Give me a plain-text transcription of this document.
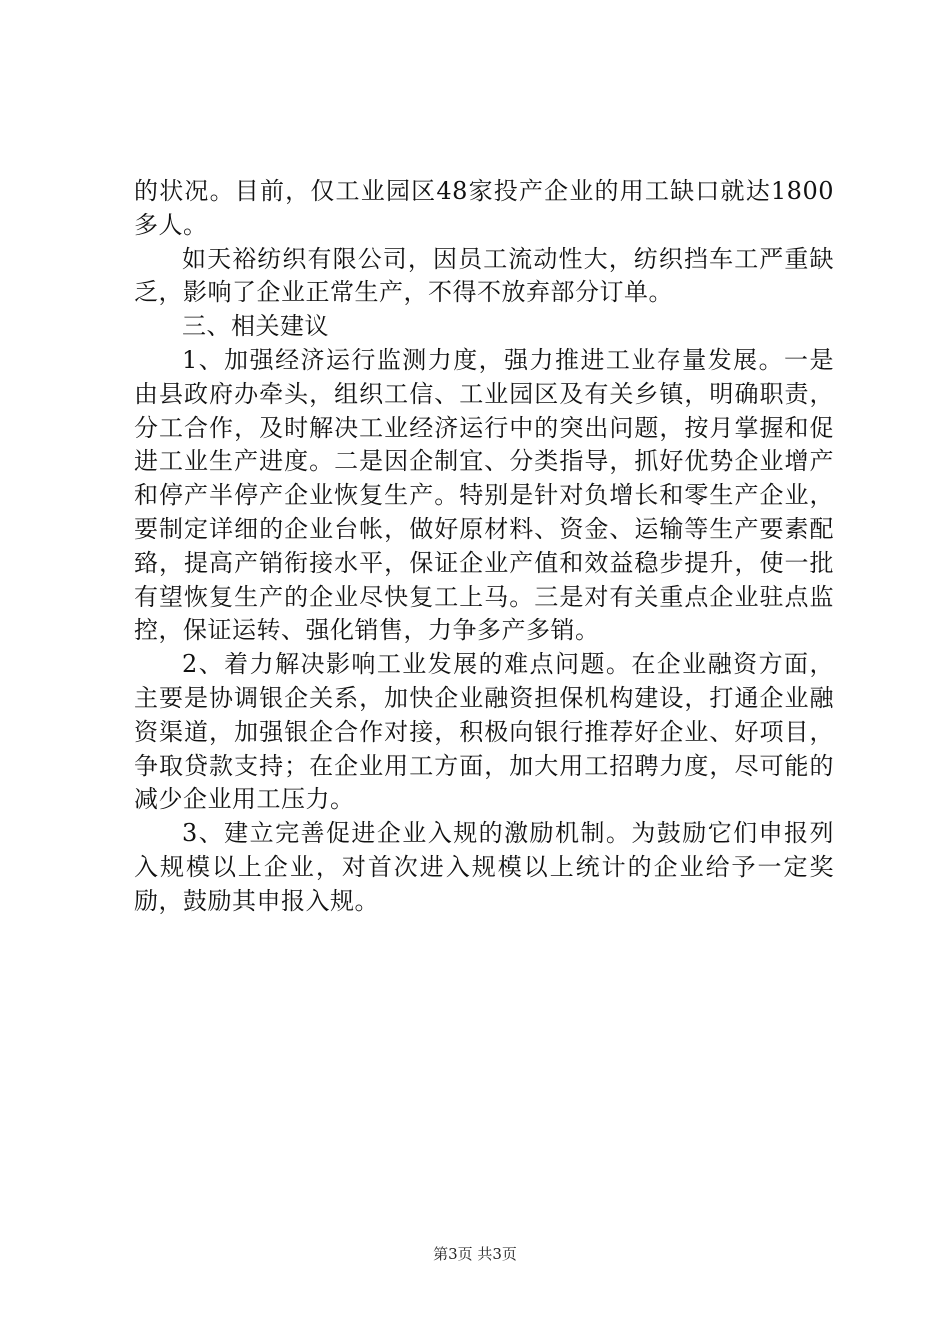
的状况。目前，仅工业园区48家投产企业的用工缺口就达1800多人。

如天裕纺织有限公司，因员工流动性大，纺织挡车工严重缺乏，影响了企业正常生产，不得不放弃部分订单。

三、相关建议

1、加强经济运行监测力度，强力推进工业存量发展。一是由县政府办牵头，组织工信、工业园区及有关乡镇，明确职责，分工合作，及时解决工业经济运行中的突出问题，按月掌握和促进工业生产进度。二是因企制宜、分类指导，抓好优势企业增产和停产半停产企业恢复生产。特别是针对负增长和零生产企业，要制定详细的企业台帐，做好原材料、资金、运输等生产要素配臵，提高产销衔接水平，保证企业产值和效益稳步提升，使一批有望恢复生产的企业尽快复工上马。三是对有关重点企业驻点监控，保证运转、强化销售，力争多产多销。

2、着力解决影响工业发展的难点问题。在企业融资方面，主要是协调银企关系，加快企业融资担保机构建设，打通企业融资渠道，加强银企合作对接，积极向银行推荐好企业、好项目，争取贷款支持；在企业用工方面，加大用工招聘力度，尽可能的减少企业用工压力。

3、建立完善促进企业入规的激励机制。为鼓励它们申报列入规模以上企业，对首次进入规模以上统计的企业给予一定奖励，鼓励其申报入规。

第3页 共3页
